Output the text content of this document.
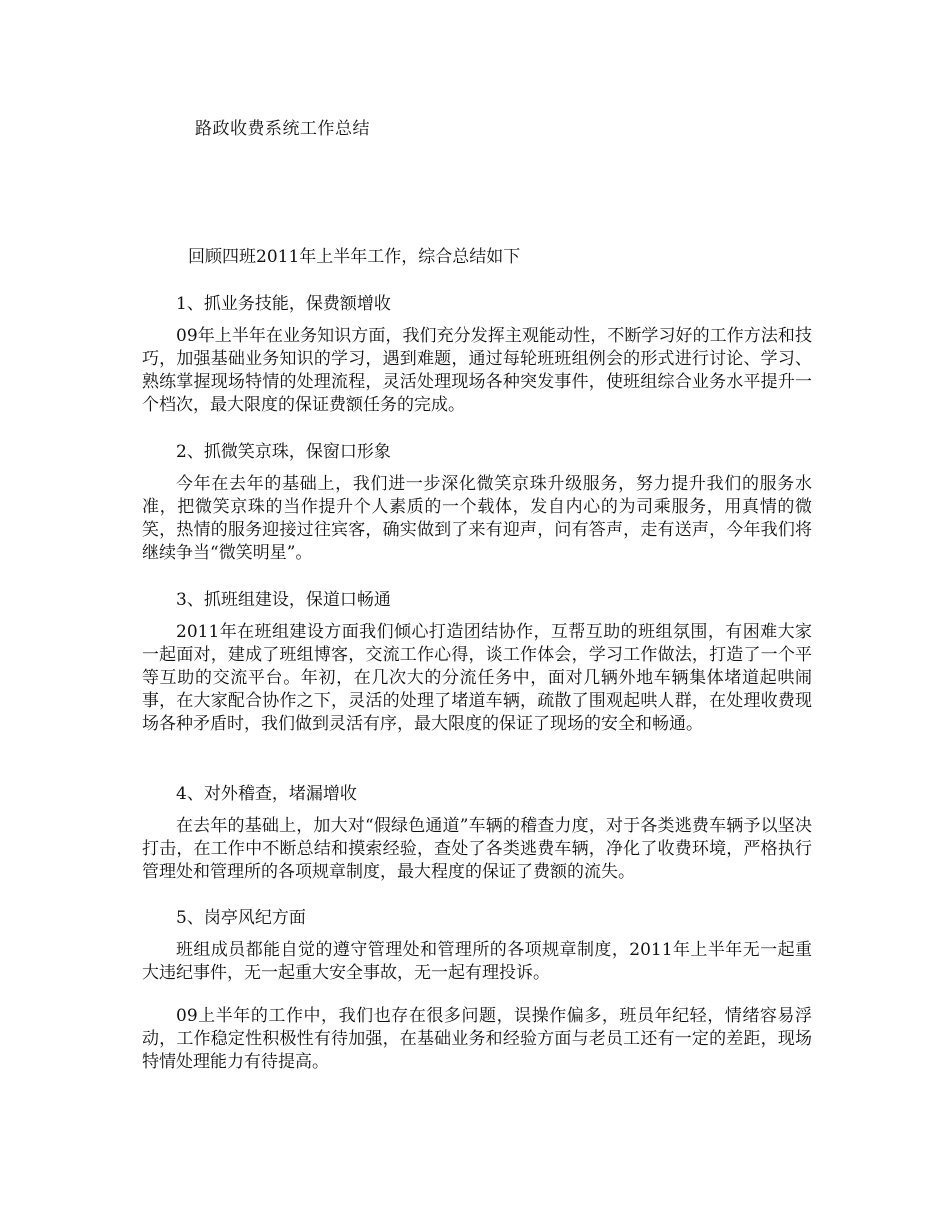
路政收费系统工作总结
回顾四班2011年上半年工作，综合总结如下

1、抓业务技能，保费额增收

09年上半年在业务知识方面，我们充分发挥主观能动性，不断学习好的工作方法和技巧，加强基础业务知识的学习，遇到难题，通过每轮班班组例会的形式进行讨论、学习、熟练掌握现场特情的处理流程，灵活处理现场各种突发事件，使班组综合业务水平提升一个档次，最大限度的保证费额任务的完成。

2、抓微笑京珠，保窗口形象

今年在去年的基础上，我们进一步深化微笑京珠升级服务，努力提升我们的服务水准，把微笑京珠的当作提升个人素质的一个载体，发自内心的为司乘服务，用真情的微笑，热情的服务迎接过往宾客，确实做到了来有迎声，问有答声，走有送声，今年我们将继续争当“微笑明星”。

3、抓班组建设，保道口畅通

2011年在班组建设方面我们倾心打造团结协作，互帮互助的班组氛围，有困难大家一起面对，建成了班组博客，交流工作心得，谈工作体会，学习工作做法，打造了一个平等互助的交流平台。年初，在几次大的分流任务中，面对几辆外地车辆集体堵道起哄闹事，在大家配合协作之下，灵活的处理了堵道车辆，疏散了围观起哄人群，在处理收费现场各种矛盾时，我们做到灵活有序，最大限度的保证了现场的安全和畅通。

4、对外稽查，堵漏增收

在去年的基础上，加大对“假绿色通道”车辆的稽查力度，对于各类逃费车辆予以坚决打击，在工作中不断总结和摸索经验，查处了各类逃费车辆，净化了收费环境，严格执行管理处和管理所的各项规章制度，最大程度的保证了费额的流失。

5、岗亭风纪方面

班组成员都能自觉的遵守管理处和管理所的各项规章制度，2011年上半年无一起重大违纪事件，无一起重大安全事故，无一起有理投诉。

09上半年的工作中，我们也存在很多问题，误操作偏多，班员年纪轻，情绪容易浮动，工作稳定性积极性有待加强，在基础业务和经验方面与老员工还有一定的差距，现场特情处理能力有待提高。
